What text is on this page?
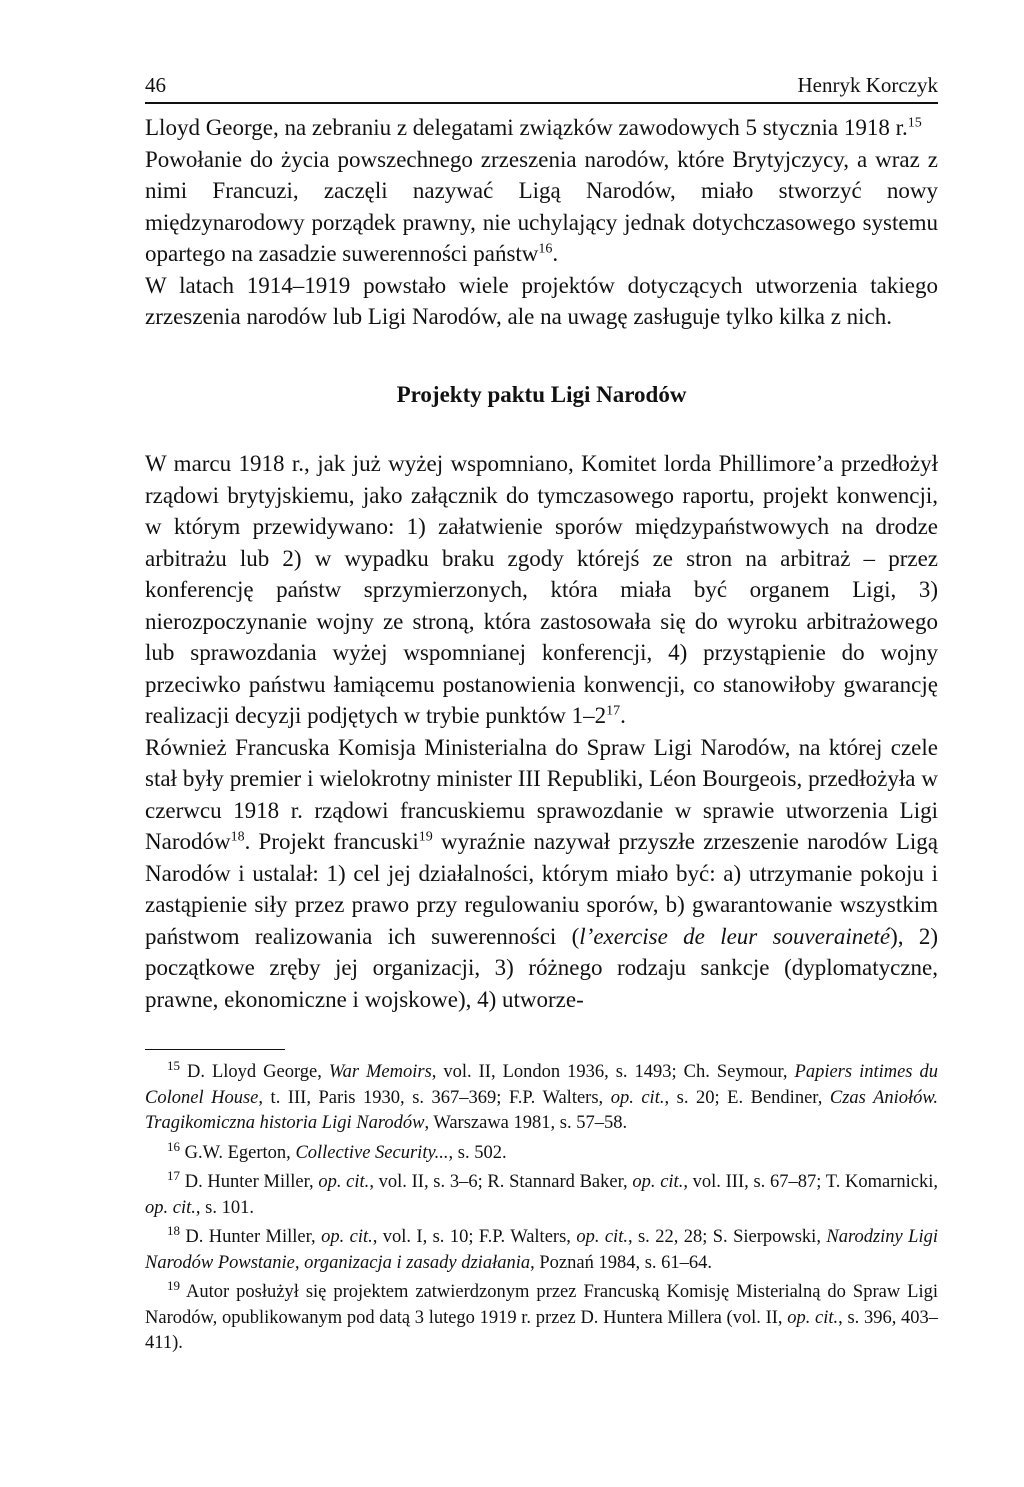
46	Henryk Korczyk

Lloyd George, na zebraniu z delegatami związków zawodowych 5 stycznia 1918 r.$^{15}$

Powołanie do życia powszechnego zrzeszenia narodów, które Brytyjczycy, a wraz z nimi Francuzi, zaczęli nazywać Ligą Narodów, miało stworzyć nowy międzynarodowy porządek prawny, nie uchylający jednak dotychczasowego systemu opartego na zasadzie suwerenności państw$^{16}$.

W latach 1914–1919 powstało wiele projektów dotyczących utworzenia takiego zrzeszenia narodów lub Ligi Narodów, ale na uwagę zasługuje tylko kilka z nich.

Projekty paktu Ligi Narodów

W marcu 1918 r., jak już wyżej wspomniano, Komitet lorda Phillimore’a przedłożył rządowi brytyjskiemu, jako załącznik do tymczasowego raportu, projekt konwencji, w którym przewidywano: 1) załatwienie sporów międzypaństwowych na drodze arbitrażu lub 2) w wypadku braku zgody którejś ze stron na arbitraż – przez konferencję państw sprzymierzonych, która miała być organem Ligi, 3) nierozpoczynanie wojny ze stroną, która zastosowała się do wyroku arbitrażowego lub sprawozdania wyżej wspomnianej konferencji, 4) przystąpienie do wojny przeciwko państwu łamiącemu postanowienia konwencji, co stanowiłoby gwarancję realizacji decyzji podjętych w trybie punktów $1-2^{17}$.

Również Francuska Komisja Ministerialna do Spraw Ligi Narodów, na której czele stał były premier i wielokrotny minister III Republiki, Léon Bourgeois, przedłożyła w czerwcu 1918 r. rządowi francuskiemu sprawozdanie w sprawie utworzenia Ligi Narodów$^{18}$. Projekt francuski$^{19}$ wyraźnie nazywał przyszłe zrzeszenie narodów Ligą Narodów i ustalał: 1) cel jej działalności, którym miało być: a) utrzymanie pokoju i zastąpienie siły przez prawo przy regulowaniu sporów, b) gwarantowanie wszystkim państwom realizowania ich suwerenności (l’exercise de leur souveraineté), 2) początkowe zręby jej organizacji, 3) różnego rodzaju sankcje (dyplomatyczne, prawne, ekonomiczne i wojskowe), 4) utworze-

$^{15}$ D. Lloyd George, War Memoirs, vol. II, London 1936, s. 1493; Ch. Seymour, Papiers intimes du Colonel House, t. III, Paris 1930, s. 367–369; F.P. Walters, op. cit., s. 20; E. Bendiner, Czas Aniołów. Tragikomiczna historia Ligi Narodów, Warszawa 1981, s. 57–58.

$^{16}$ G.W. Egerton, Collective Security..., s. 502.

$^{17}$ D. Hunter Miller, op. cit., vol. II, s. 3–6; R. Stannard Baker, op. cit., vol. III, s. 67–87; T. Komarnicki, op. cit., s. 101.

$^{18}$ D. Hunter Miller, op. cit., vol. I, s. 10; F.P. Walters, op. cit., s. 22, 28; S. Sierpowski, Narodziny Ligi Narodów Powstanie, organizacja i zasady działania, Poznań 1984, s. 61–64.

$^{19}$ Autor posłużył się projektem zatwierdzonym przez Francuską Komisję Misterialną do Spraw Ligi Narodów, opublikowanym pod datą 3 lutego 1919 r. przez D. Huntera Millera (vol. II, op. cit., s. 396, 403–411).
